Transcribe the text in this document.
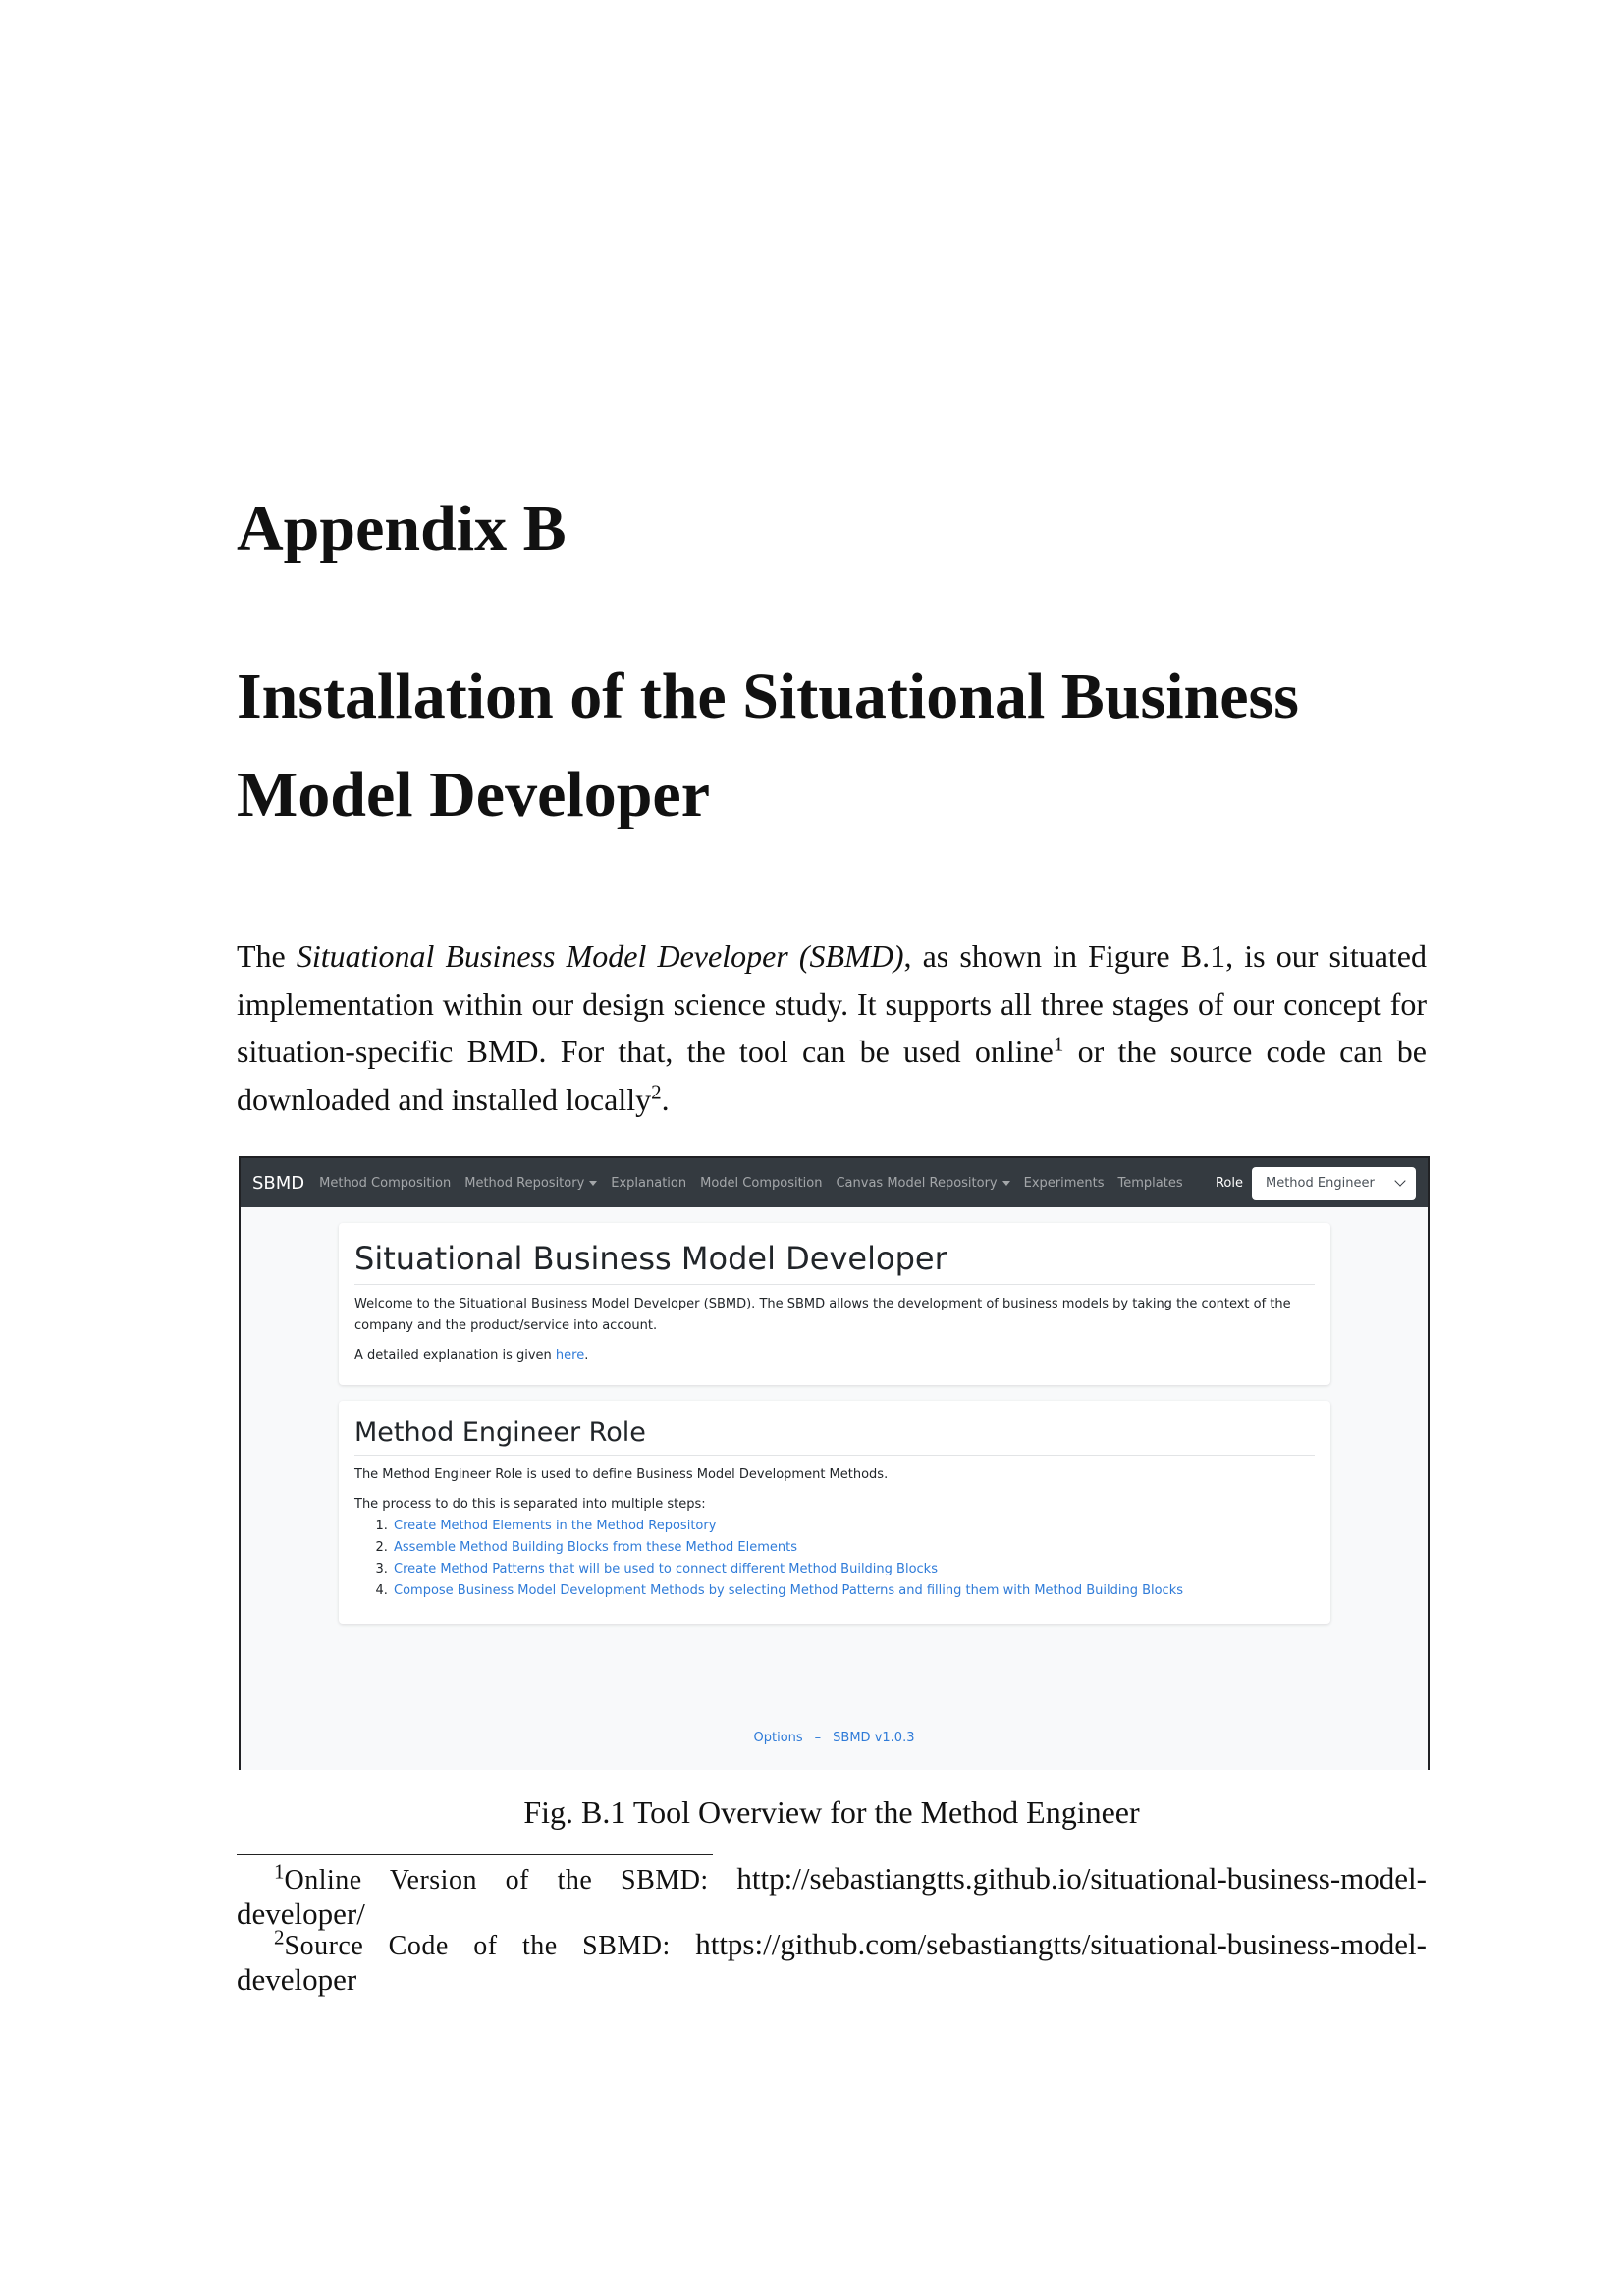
Appendix B
Installation of the Situational Business Model Developer

The Situational Business Model Developer (SBMD), as shown in Figure B.1, is our situated implementation within our design science study. It supports all three stages of our concept for situation-specific BMD. For that, the tool can be used online$^1$ or the source code can be downloaded and installed locally$^2$.

SBMD Method Composition Method Repository	Explanation Model Composition Canvas Model Repository	Experiments Templates	Role Method Engineer
Situational Business Model Developer

Welcome to the Situational Business Model Developer (SBMD). The SBMD allows the development of business models by taking the context of the company and the product/service into account.

A detailed explanation is given here.

Method Engineer Role

The Method Engineer Role is used to define Business Model Development Methods.

The process to do this is separated into multiple steps:

1. Create Method Elements in the Method Repository
2. Assemble Method Building Blocks from these Method Elements
3. Create Method Patterns that will be used to connect different Method Building Blocks
4. Compose Business Model Development Methods by selecting Method Patterns and filling them with Method Building Blocks
Options – SBMD v1.0.3

Fig. B.1 Tool Overview for the Method Engineer

$^1$Online Version of the SBMD: http://sebastiangtts.github.io/situational-business-model-developer/

$^2$Source Code of the SBMD: https://github.com/sebastiangtts/situational-business-model-developer
